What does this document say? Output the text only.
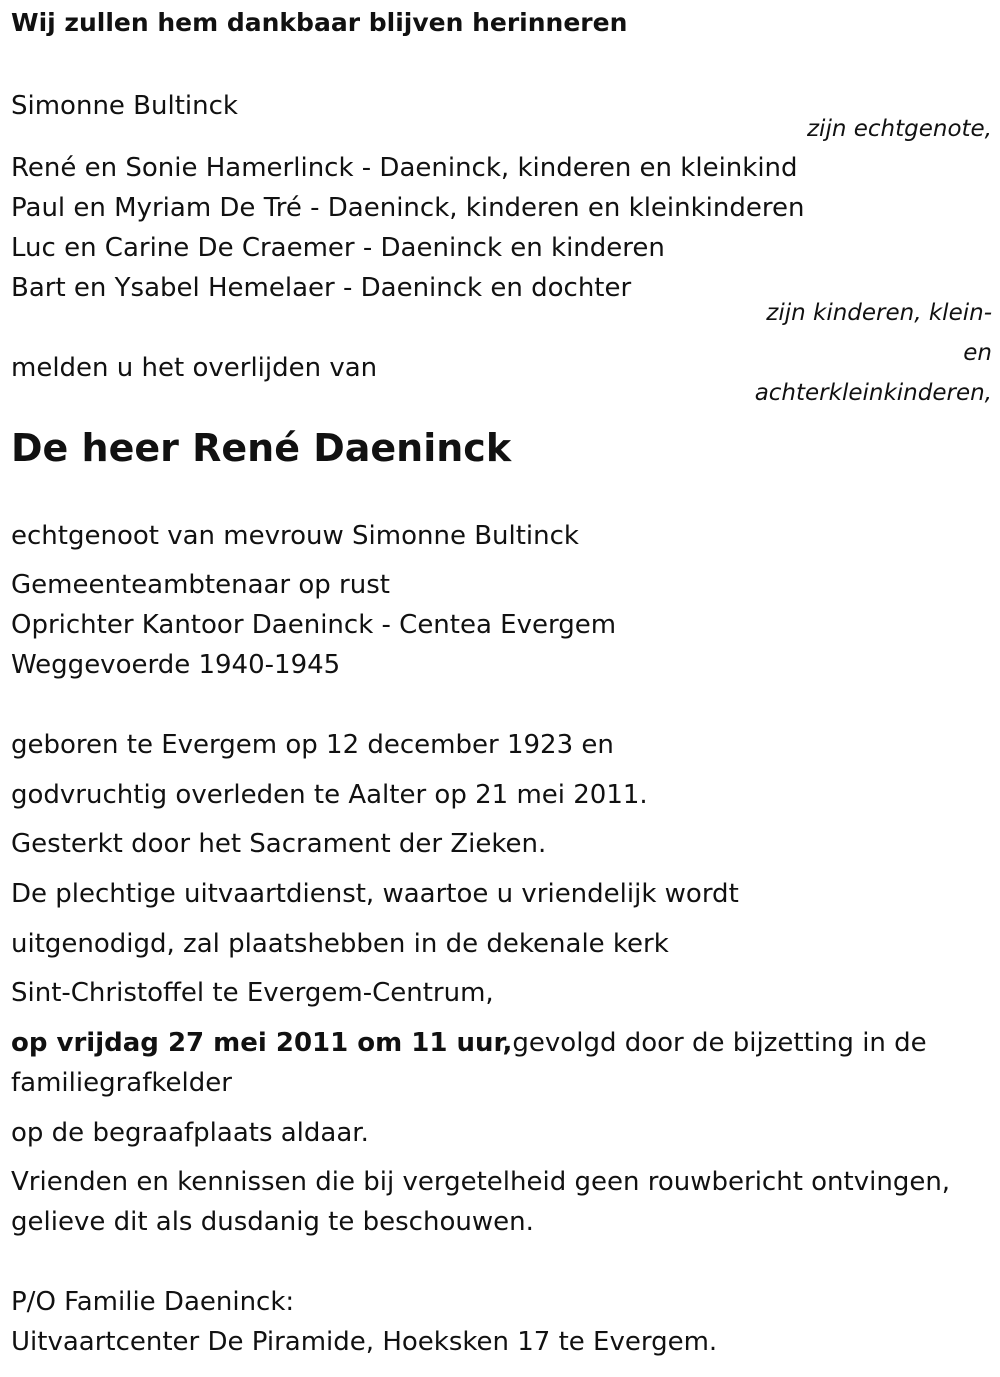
Wij zullen hem dankbaar blijven herinneren
Simonne Bultinck
zijn echtgenote,
René en Sonie Hamerlinck - Daeninck, kinderen en kleinkind
Paul en Myriam De Tré - Daeninck, kinderen en kleinkinderen
Luc en Carine De Craemer - Daeninck en kinderen
Bart en Ysabel Hemelaer - Daeninck en dochter
zijn kinderen, klein-
en
achterkleinkinderen,
melden u het overlijden van
De heer René Daeninck
echtgenoot van mevrouw Simonne Bultinck
Gemeenteambtenaar op rust
Oprichter Kantoor Daeninck - Centea Evergem
Weggevoerde 1940-1945
geboren te Evergem op 12 december 1923 en
godvruchtig overleden te Aalter op 21 mei 2011.
Gesterkt door het Sacrament der Zieken.
De plechtige uitvaartdienst, waartoe u vriendelijk wordt
uitgenodigd, zal plaatshebben in de dekenale kerk
Sint-Christoffel te Evergem-Centrum,
op vrijdag 27 mei 2011 om 11 uur,gevolgd door de bijzetting in de
familiegrafkelder
op de begraafplaats aldaar.
Vrienden en kennissen die bij vergetelheid geen rouwbericht ontvingen,
gelieve dit als dusdanig te beschouwen.
P/O Familie Daeninck:
Uitvaartcenter De Piramide, Hoeksken 17 te Evergem.
